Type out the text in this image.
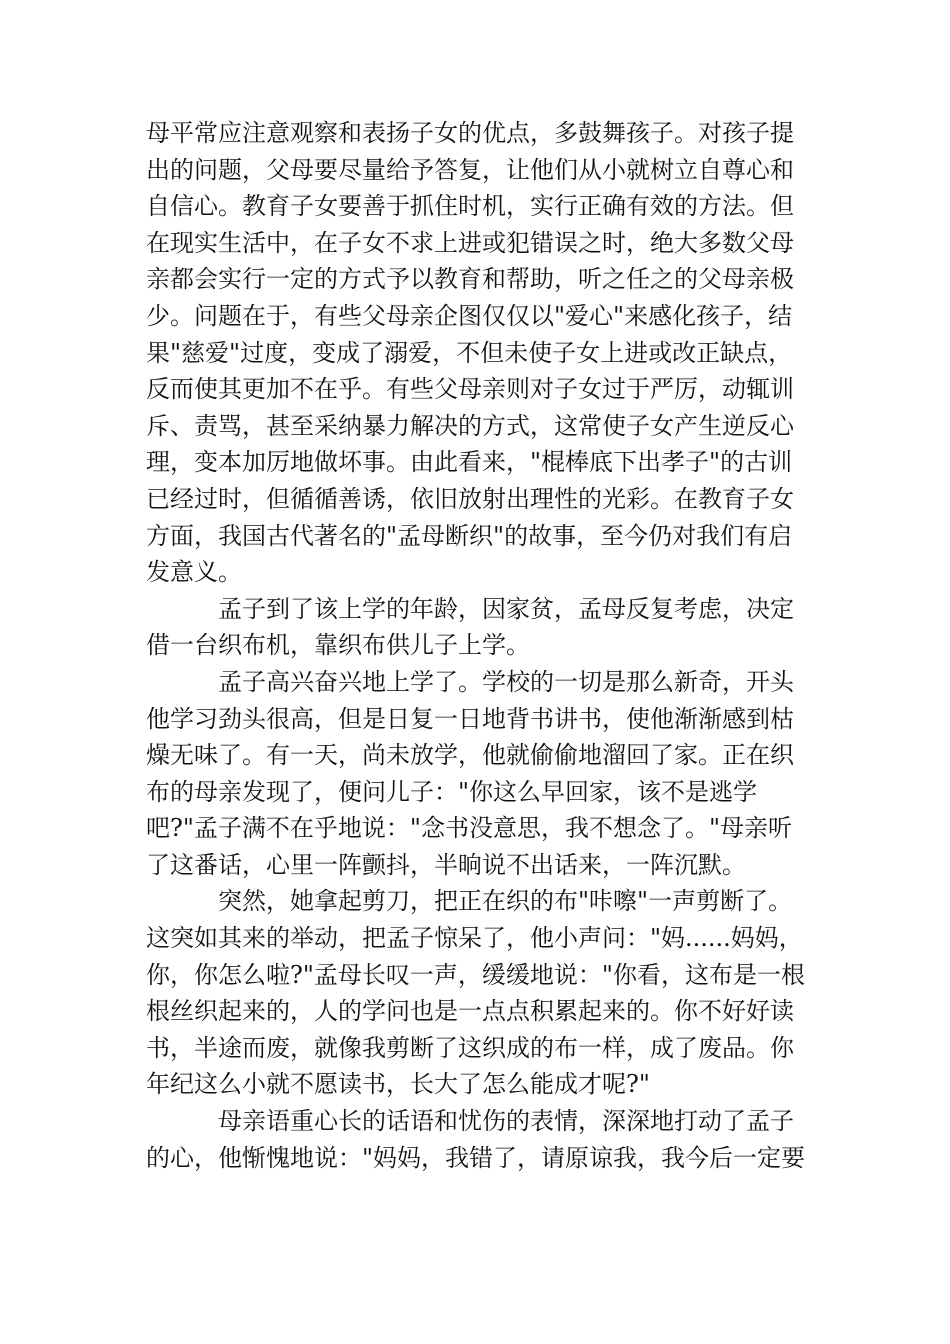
母平常应注意观察和表扬子女的优点，多鼓舞孩子。对孩子提
出的问题，父母要尽量给予答复，让他们从小就树立自尊心和
自信心。教育子女要善于抓住时机，实行正确有效的方法。但
在现实生活中，在子女不求上进或犯错误之时，绝大多数父母
亲都会实行一定的方式予以教育和帮助，听之任之的父母亲极
少。问题在于，有些父母亲企图仅仅以"爱心"来感化孩子，结
果"慈爱"过度，变成了溺爱，不但未使子女上进或改正缺点，
反而使其更加不在乎。有些父母亲则对子女过于严厉，动辄训
斥、责骂，甚至采纳暴力解决的方式，这常使子女产生逆反心
理，变本加厉地做坏事。由此看来，"棍棒底下出孝子"的古训
已经过时，但循循善诱，依旧放射出理性的光彩。在教育子女
方面，我国古代著名的"孟母断织"的故事，至今仍对我们有启
发意义。
孟子到了该上学的年龄，因家贫，孟母反复考虑，决定
借一台织布机，靠织布供儿子上学。
孟子高兴奋兴地上学了。学校的一切是那么新奇，开头
他学习劲头很高，但是日复一日地背书讲书，使他渐渐感到枯
燥无味了。有一天，尚未放学，他就偷偷地溜回了家。正在织
布的母亲发现了，便问儿子："你这么早回家，该不是逃学
吧?"孟子满不在乎地说："念书没意思，我不想念了。"母亲听
了这番话，心里一阵颤抖，半晌说不出话来，一阵沉默。
突然，她拿起剪刀，把正在织的布"咔嚓"一声剪断了。
这突如其来的举动，把孟子惊呆了，他小声问："妈......妈妈，
你，你怎么啦?"孟母长叹一声，缓缓地说："你看，这布是一根
根丝织起来的，人的学问也是一点点积累起来的。你不好好读
书，半途而废，就像我剪断了这织成的布一样，成了废品。你
年纪这么小就不愿读书，长大了怎么能成才呢?"
母亲语重心长的话语和忧伤的表情，深深地打动了孟子
的心，他惭愧地说："妈妈，我错了，请原谅我，我今后一定要
